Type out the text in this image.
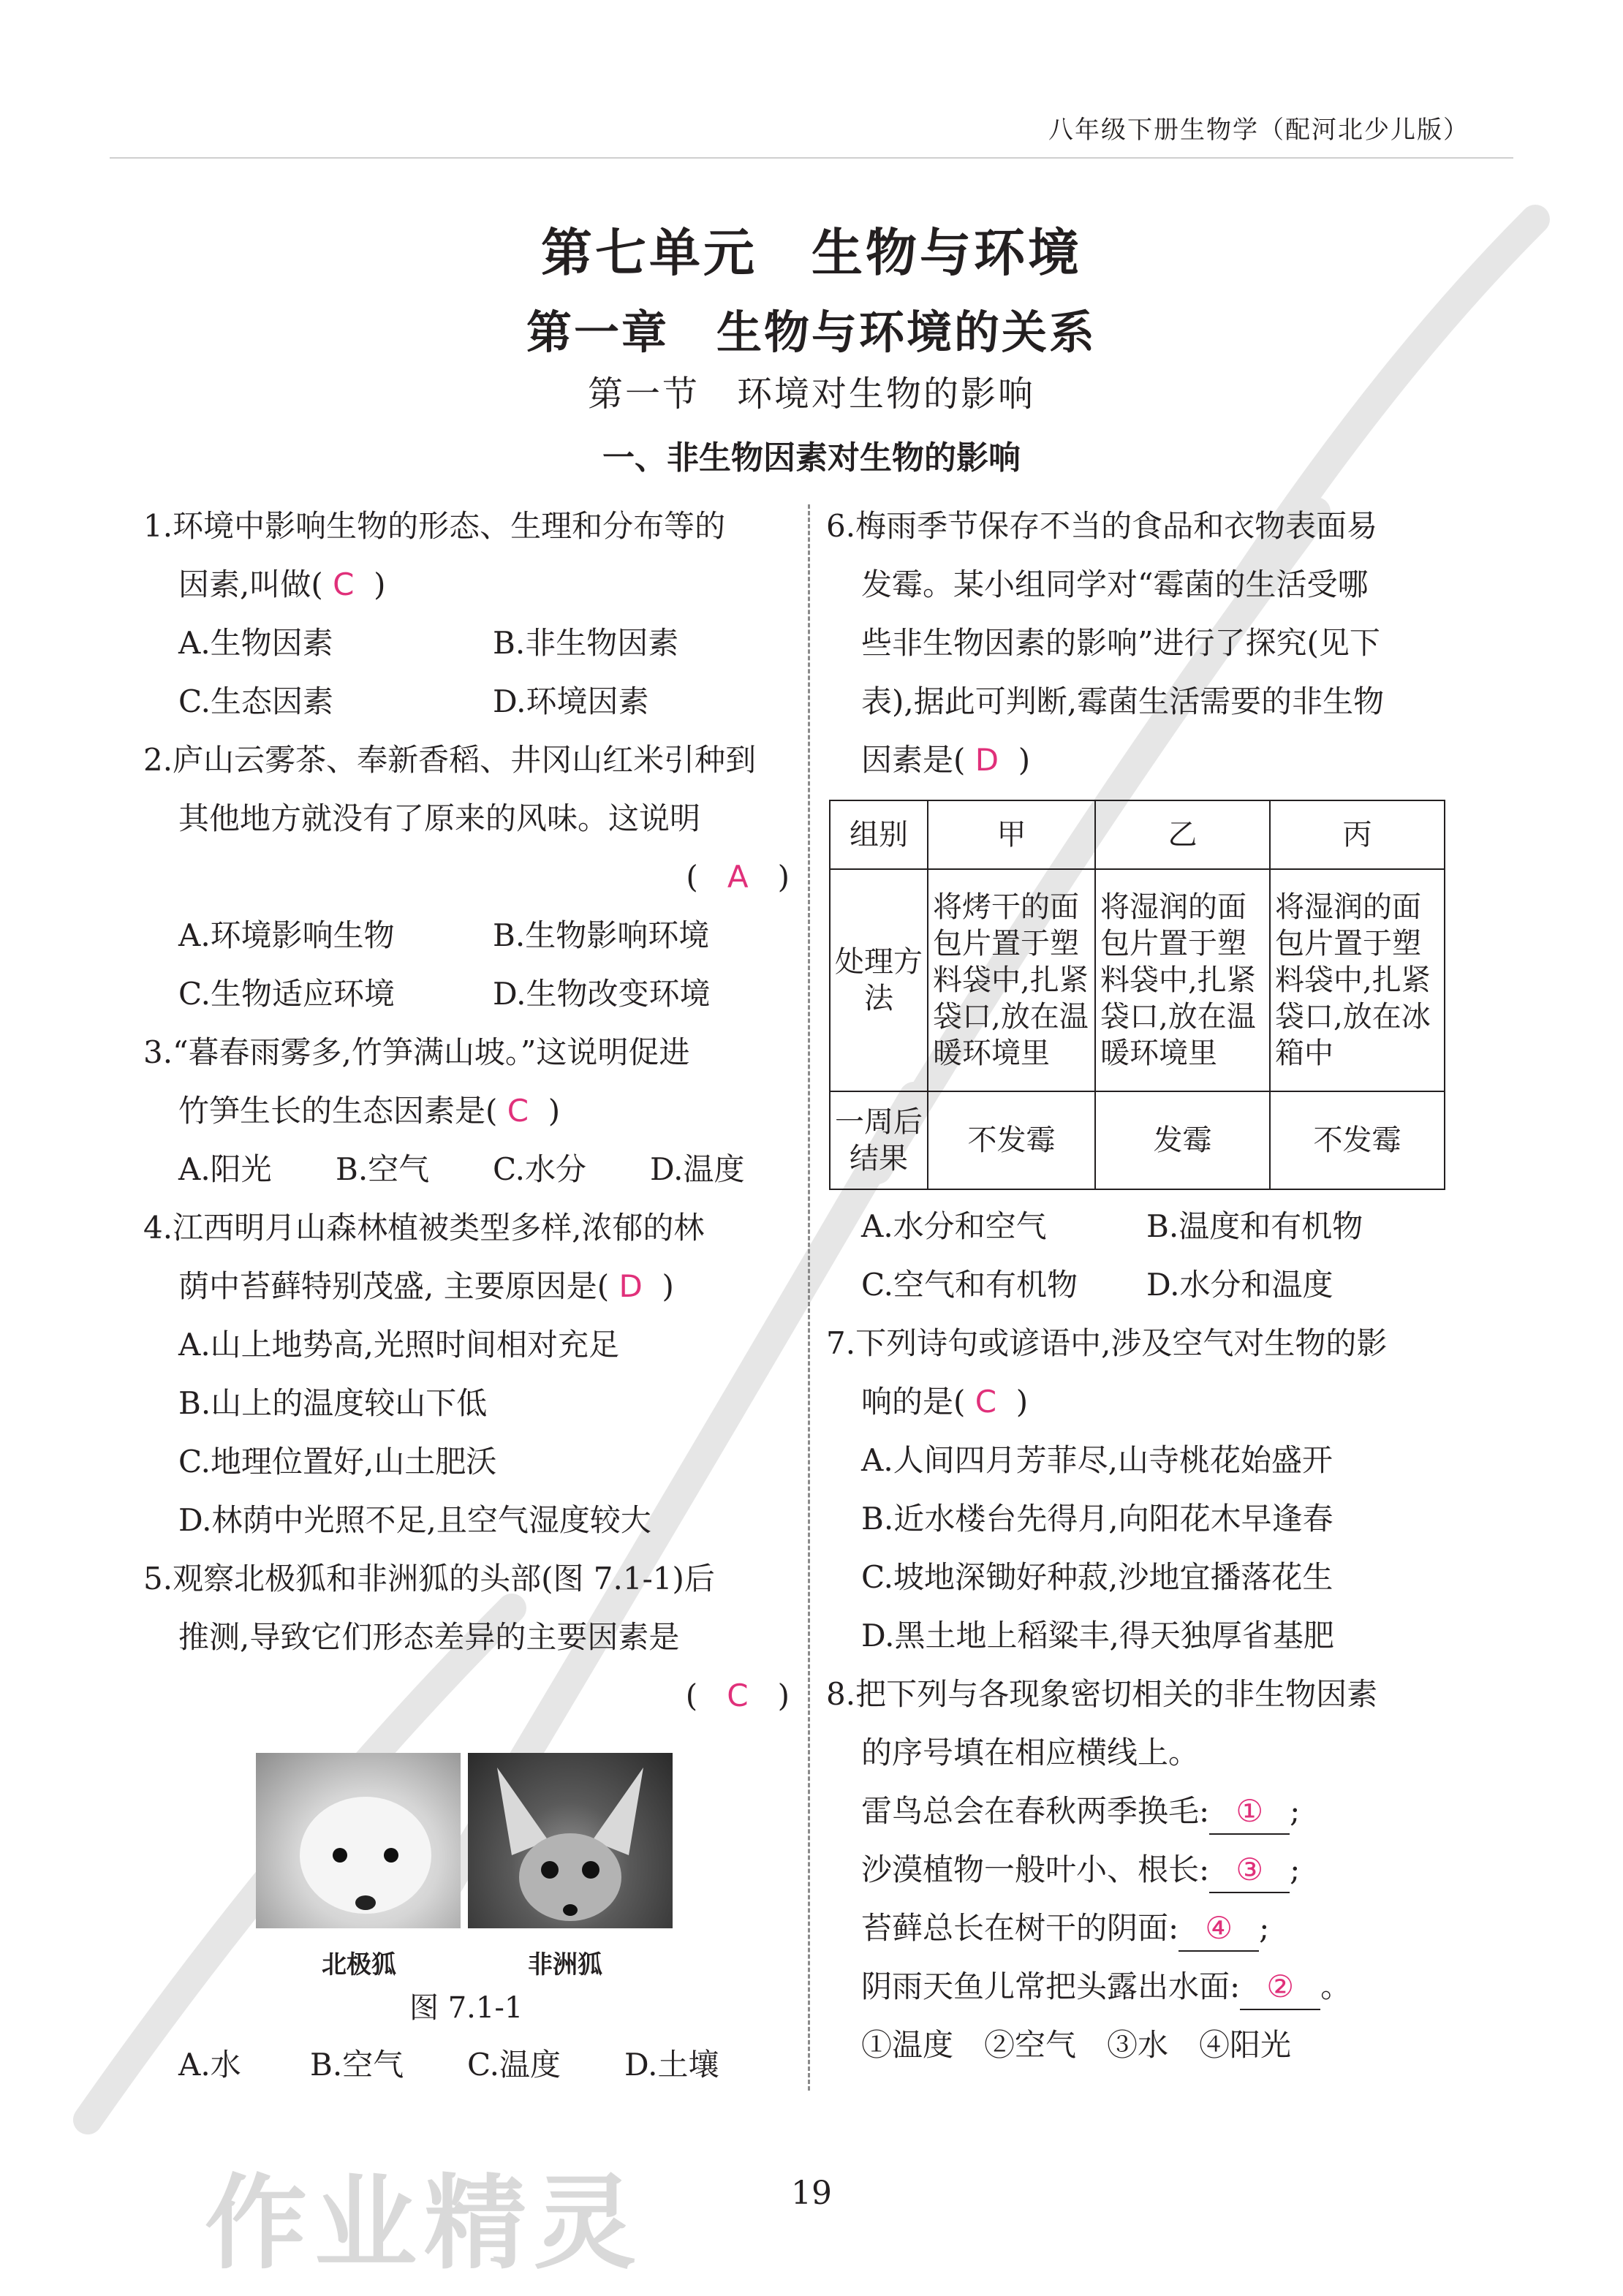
八年级下册生物学（配河北少儿版）
第七单元　生物与环境
第一章　生物与环境的关系
第一节　环境对生物的影响
一、非生物因素对生物的影响
1.环境中影响生物的形态、生理和分布等的
因素,叫做( C )
A.生物因素	B.非生物因素
C.生态因素	D.环境因素
2.庐山云雾茶、奉新香稻、井冈山红米引种到
其他地方就没有了原来的风味。这说明
( A )
A.环境影响生物	B.生物影响环境
C.生物适应环境	D.生物改变环境
3.“暮春雨雾多,竹笋满山坡。”这说明促进
竹笋生长的生态因素是( C )
A.阳光	B.空气	C.水分	D.温度
4.江西明月山森林植被类型多样,浓郁的林
荫中苔藓特别茂盛, 主要原因是( D )
A.山上地势高,光照时间相对充足
B.山上的温度较山下低
C.地理位置好,山土肥沃
D.林荫中光照不足,且空气湿度较大
5.观察北极狐和非洲狐的头部(图 7.1-1)后
推测,导致它们形态差异的主要因素是
( C )
北极狐	非洲狐
图 7.1-1
A.水	B.空气	C.温度	D.土壤
6.梅雨季节保存不当的食品和衣物表面易
发霉。某小组同学对“霉菌的生活受哪
些非生物因素的影响”进行了探究(见下
表),据此可判断,霉菌生活需要的非生物
因素是( D )
组别	甲	乙	丙
处理方法	将烤干的面包片置于塑料袋中,扎紧袋口,放在温暖环境里	将湿润的面包片置于塑料袋中,扎紧袋口,放在温暖环境里	将湿润的面包片置于塑料袋中,扎紧袋口,放在冰箱中
一周后结果	不发霉	发霉	不发霉
A.水分和空气	B.温度和有机物
C.空气和有机物	D.水分和温度
7.下列诗句或谚语中,涉及空气对生物的影
响的是( C )
A.人间四月芳菲尽,山寺桃花始盛开
B.近水楼台先得月,向阳花木早逢春
C.坡地深锄好种菽,沙地宜播落花生
D.黑土地上稻粱丰,得天独厚省基肥
8.把下列与各现象密切相关的非生物因素
的序号填在相应横线上。
雷鸟总会在春秋两季换毛: ① ;
沙漠植物一般叶小、根长: ③ ;
苔藓总长在树干的阴面: ④ ;
阴雨天鱼儿常把头露出水面: ② 。
①温度　②空气　③水　④阳光
19
作业精灵
